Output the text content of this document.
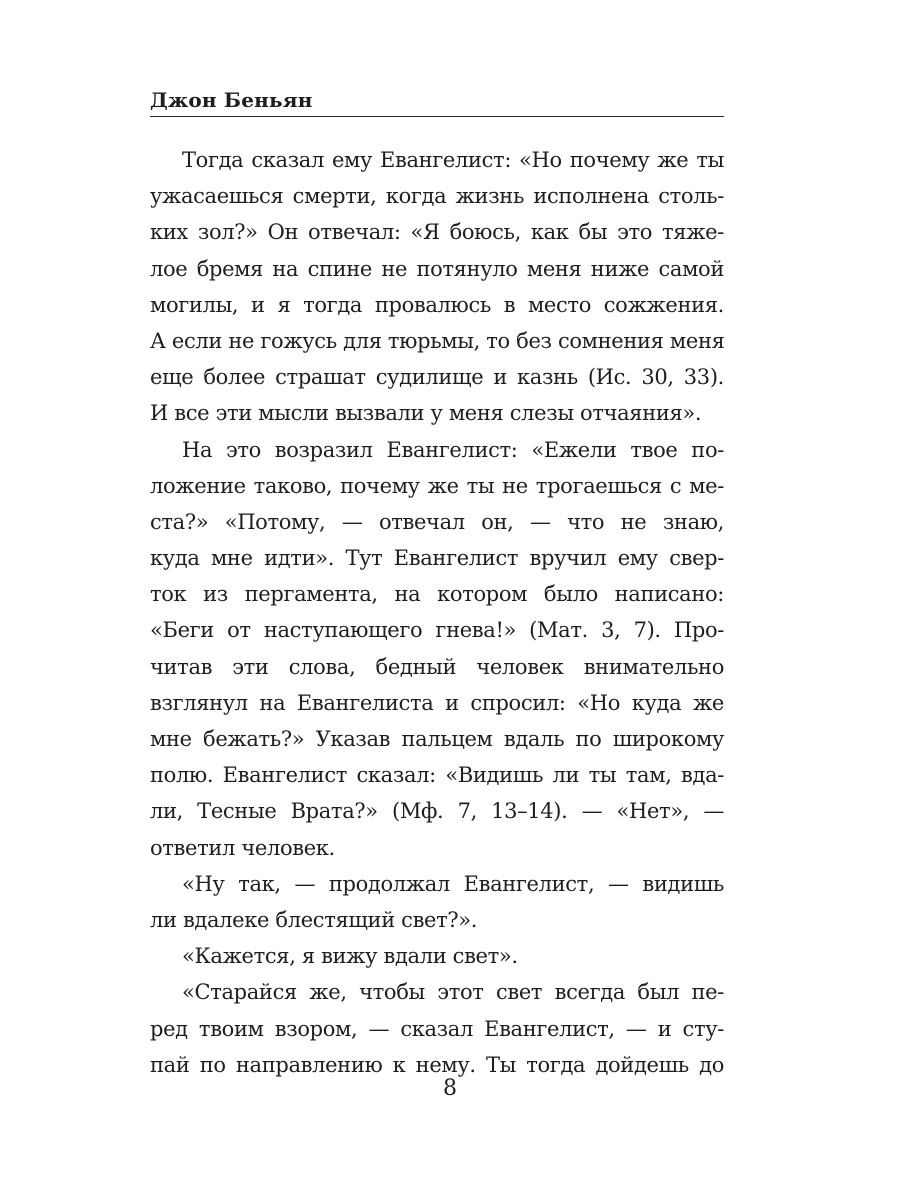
Джон Беньян
Тогда сказал ему Евангелист: «Но почему же ты
ужасаешься смерти, когда жизнь исполнена столь-
ких зол?» Он отвечал: «Я боюсь, как бы это тяже-
лое бремя на спине не потянуло меня ниже самой
могилы, и я тогда провалюсь в место сожжения.
А если не гожусь для тюрьмы, то без сомнения меня
еще более страшат судилище и казнь (Ис. 30, 33).
И все эти мысли вызвали у меня слезы отчаяния».
На это возразил Евангелист: «Ежели твое по-
ложение таково, почему же ты не трогаешься с ме-
ста?» «Потому, — отвечал он, — что не знаю,
куда мне идти». Тут Евангелист вручил ему свер-
ток из пергамента, на котором было написано:
«Беги от наступающего гнева!» (Мат. 3, 7). Про-
читав эти слова, бедный человек внимательно
взглянул на Евангелиста и спросил: «Но куда же
мне бежать?» Указав пальцем вдаль по широкому
полю. Евангелист сказал: «Видишь ли ты там, вда-
ли, Тесные Врата?» (Мф. 7, 13–14). — «Нет», —
ответил человек.
«Ну так, — продолжал Евангелист, — видишь
ли вдалеке блестящий свет?».
«Кажется, я вижу вдали свет».
«Старайся же, чтобы этот свет всегда был пе-
ред твоим взором, — сказал Евангелист, — и сту-
пай по направлению к нему. Ты тогда дойдешь до
8
